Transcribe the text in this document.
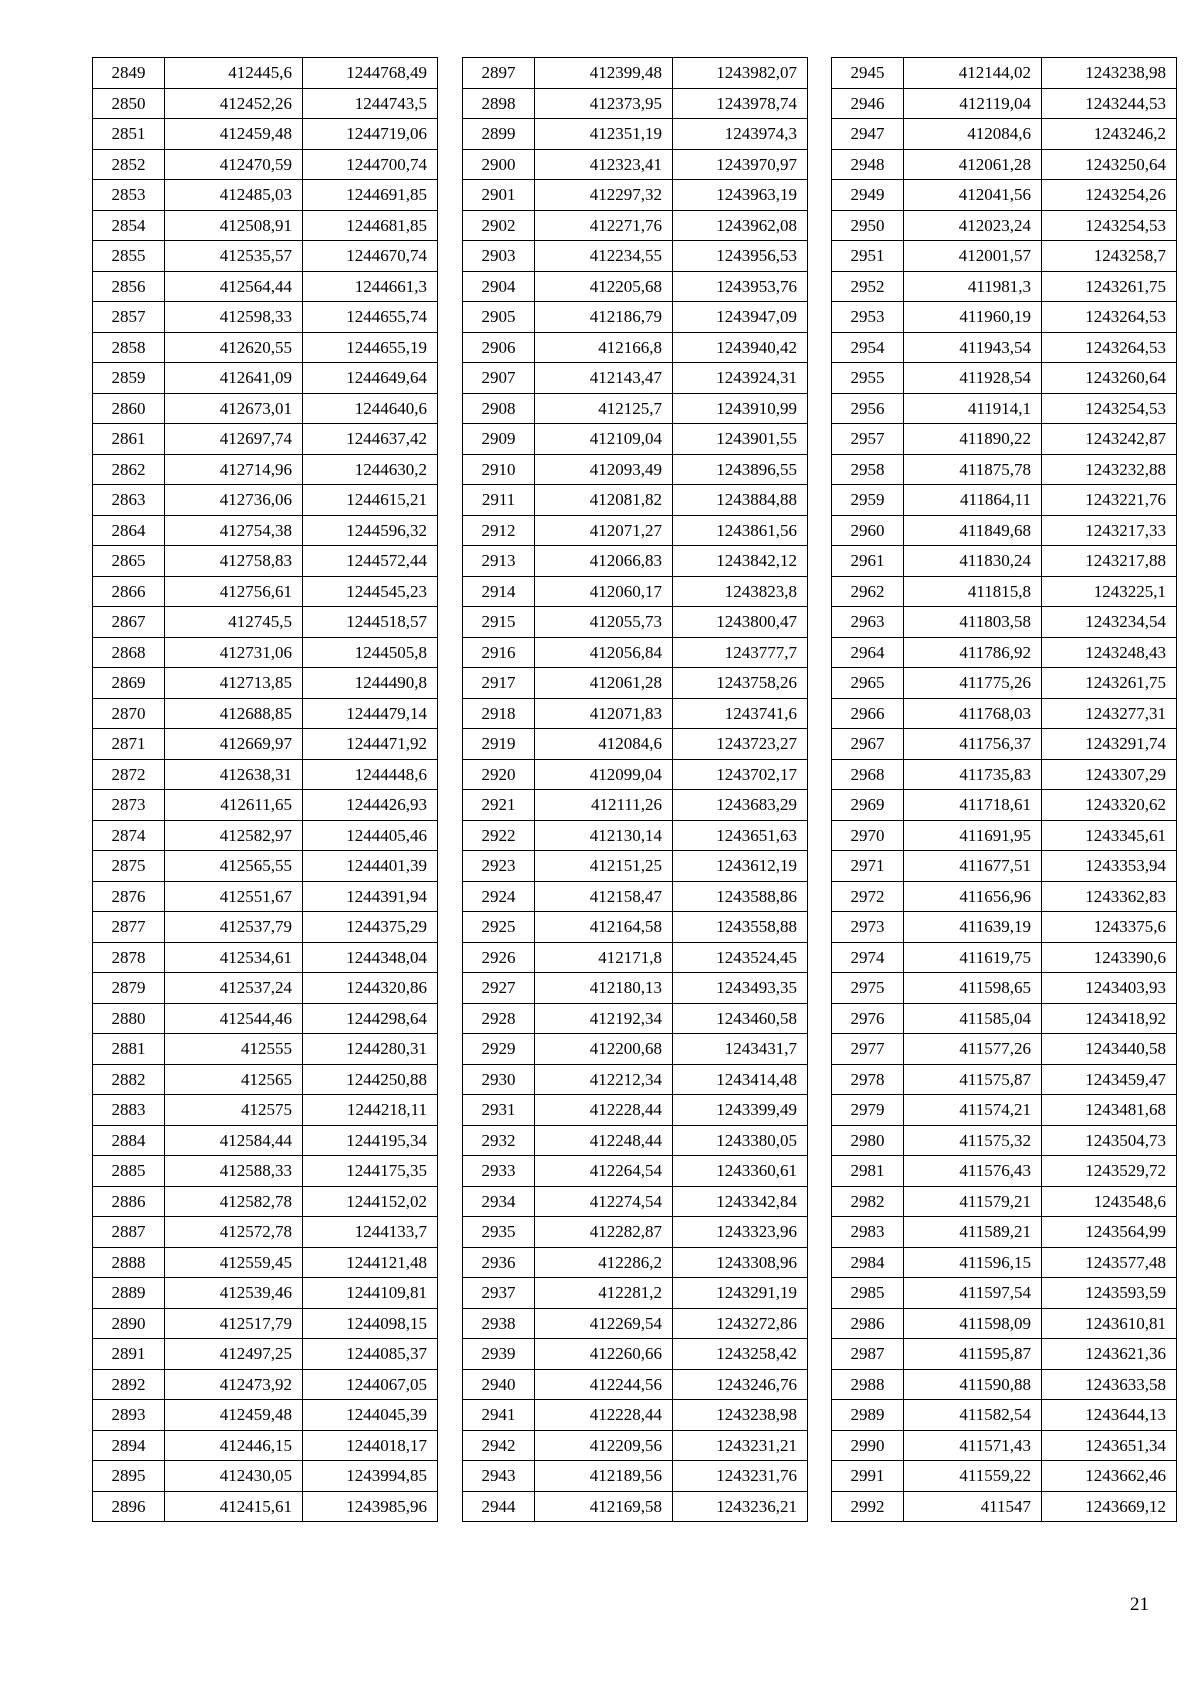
2849	412445,6	1244768,49
2850	412452,26	1244743,5
2851	412459,48	1244719,06
2852	412470,59	1244700,74
2853	412485,03	1244691,85
2854	412508,91	1244681,85
2855	412535,57	1244670,74
2856	412564,44	1244661,3
2857	412598,33	1244655,74
2858	412620,55	1244655,19
2859	412641,09	1244649,64
2860	412673,01	1244640,6
2861	412697,74	1244637,42
2862	412714,96	1244630,2
2863	412736,06	1244615,21
2864	412754,38	1244596,32
2865	412758,83	1244572,44
2866	412756,61	1244545,23
2867	412745,5	1244518,57
2868	412731,06	1244505,8
2869	412713,85	1244490,8
2870	412688,85	1244479,14
2871	412669,97	1244471,92
2872	412638,31	1244448,6
2873	412611,65	1244426,93
2874	412582,97	1244405,46
2875	412565,55	1244401,39
2876	412551,67	1244391,94
2877	412537,79	1244375,29
2878	412534,61	1244348,04
2879	412537,24	1244320,86
2880	412544,46	1244298,64
2881	412555	1244280,31
2882	412565	1244250,88
2883	412575	1244218,11
2884	412584,44	1244195,34
2885	412588,33	1244175,35
2886	412582,78	1244152,02
2887	412572,78	1244133,7
2888	412559,45	1244121,48
2889	412539,46	1244109,81
2890	412517,79	1244098,15
2891	412497,25	1244085,37
2892	412473,92	1244067,05
2893	412459,48	1244045,39
2894	412446,15	1244018,17
2895	412430,05	1243994,85
2896	412415,61	1243985,96
2897	412399,48	1243982,07
2898	412373,95	1243978,74
2899	412351,19	1243974,3
2900	412323,41	1243970,97
2901	412297,32	1243963,19
2902	412271,76	1243962,08
2903	412234,55	1243956,53
2904	412205,68	1243953,76
2905	412186,79	1243947,09
2906	412166,8	1243940,42
2907	412143,47	1243924,31
2908	412125,7	1243910,99
2909	412109,04	1243901,55
2910	412093,49	1243896,55
2911	412081,82	1243884,88
2912	412071,27	1243861,56
2913	412066,83	1243842,12
2914	412060,17	1243823,8
2915	412055,73	1243800,47
2916	412056,84	1243777,7
2917	412061,28	1243758,26
2918	412071,83	1243741,6
2919	412084,6	1243723,27
2920	412099,04	1243702,17
2921	412111,26	1243683,29
2922	412130,14	1243651,63
2923	412151,25	1243612,19
2924	412158,47	1243588,86
2925	412164,58	1243558,88
2926	412171,8	1243524,45
2927	412180,13	1243493,35
2928	412192,34	1243460,58
2929	412200,68	1243431,7
2930	412212,34	1243414,48
2931	412228,44	1243399,49
2932	412248,44	1243380,05
2933	412264,54	1243360,61
2934	412274,54	1243342,84
2935	412282,87	1243323,96
2936	412286,2	1243308,96
2937	412281,2	1243291,19
2938	412269,54	1243272,86
2939	412260,66	1243258,42
2940	412244,56	1243246,76
2941	412228,44	1243238,98
2942	412209,56	1243231,21
2943	412189,56	1243231,76
2944	412169,58	1243236,21
2945	412144,02	1243238,98
2946	412119,04	1243244,53
2947	412084,6	1243246,2
2948	412061,28	1243250,64
2949	412041,56	1243254,26
2950	412023,24	1243254,53
2951	412001,57	1243258,7
2952	411981,3	1243261,75
2953	411960,19	1243264,53
2954	411943,54	1243264,53
2955	411928,54	1243260,64
2956	411914,1	1243254,53
2957	411890,22	1243242,87
2958	411875,78	1243232,88
2959	411864,11	1243221,76
2960	411849,68	1243217,33
2961	411830,24	1243217,88
2962	411815,8	1243225,1
2963	411803,58	1243234,54
2964	411786,92	1243248,43
2965	411775,26	1243261,75
2966	411768,03	1243277,31
2967	411756,37	1243291,74
2968	411735,83	1243307,29
2969	411718,61	1243320,62
2970	411691,95	1243345,61
2971	411677,51	1243353,94
2972	411656,96	1243362,83
2973	411639,19	1243375,6
2974	411619,75	1243390,6
2975	411598,65	1243403,93
2976	411585,04	1243418,92
2977	411577,26	1243440,58
2978	411575,87	1243459,47
2979	411574,21	1243481,68
2980	411575,32	1243504,73
2981	411576,43	1243529,72
2982	411579,21	1243548,6
2983	411589,21	1243564,99
2984	411596,15	1243577,48
2985	411597,54	1243593,59
2986	411598,09	1243610,81
2987	411595,87	1243621,36
2988	411590,88	1243633,58
2989	411582,54	1243644,13
2990	411571,43	1243651,34
2991	411559,22	1243662,46
2992	411547	1243669,12
21
